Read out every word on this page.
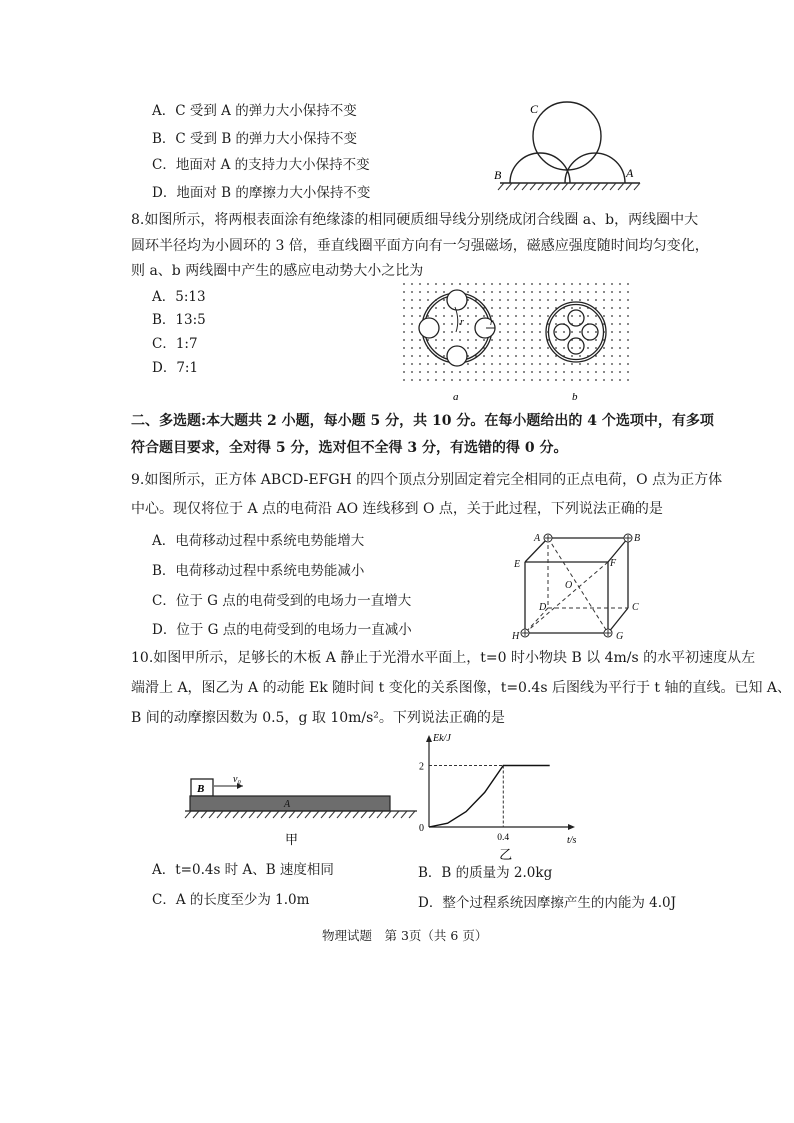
A．C 受到 A 的弹力大小保持不变
B．C 受到 B 的弹力大小保持不变
C．地面对 A 的支持力大小保持不变
D．地面对 B 的摩擦力大小保持不变
C
B	A
8.如图所示，将两根表面涂有绝缘漆的相同硬质细导线分别绕成闭合线圈 a、b，两线圈中大
圆环半径均为小圆环的 3 倍，垂直线圈平面方向有一匀强磁场，磁感应强度随时间均匀变化，
则 a、b 两线圈中产生的感应电动势大小之比为
A．5:13
B．13:5
C．1:7
D．7:1
r	r
a	b
二、多选题:本大题共 2 小题，每小题 5 分，共 10 分。在每小题给出的 4 个选项中，有多项
符合题目要求，全对得 5 分，选对但不全得 3 分，有选错的得 0 分。
9.如图所示，正方体 ABCD-EFGH 的四个顶点分别固定着完全相同的正点电荷，O 点为正方体
中心。现仅将位于 A 点的电荷沿 AO 连线移到 O 点，关于此过程，下列说法正确的是
A．电荷移动过程中系统电势能增大
B．电荷移动过程中系统电势能减小
C．位于 G 点的电荷受到的电场力一直增大
D．位于 G 点的电荷受到的电场力一直减小
A	B
E	F
O
D	C
H	G
10.如图甲所示，足够长的木板 A 静止于光滑水平面上，t=0 时小物块 B 以 4m/s 的水平初速度从左
端滑上 A，图乙为 A 的动能 Ek 随时间 t 变化的关系图像，t=0.4s 后图线为平行于 t 轴的直线。已知 A、
B 间的动摩擦因数为 0.5，g 取 10m/s²。下列说法正确的是
B
v₀
A
甲
Ek/J
t/s
0
2
0.4
乙
A．t=0.4s 时 A、B 速度相同	B．B 的质量为 2.0kg
C．A 的长度至少为 1.0m	D．整个过程系统因摩擦产生的内能为 4.0J
物理试题　第 3页（共 6 页）
